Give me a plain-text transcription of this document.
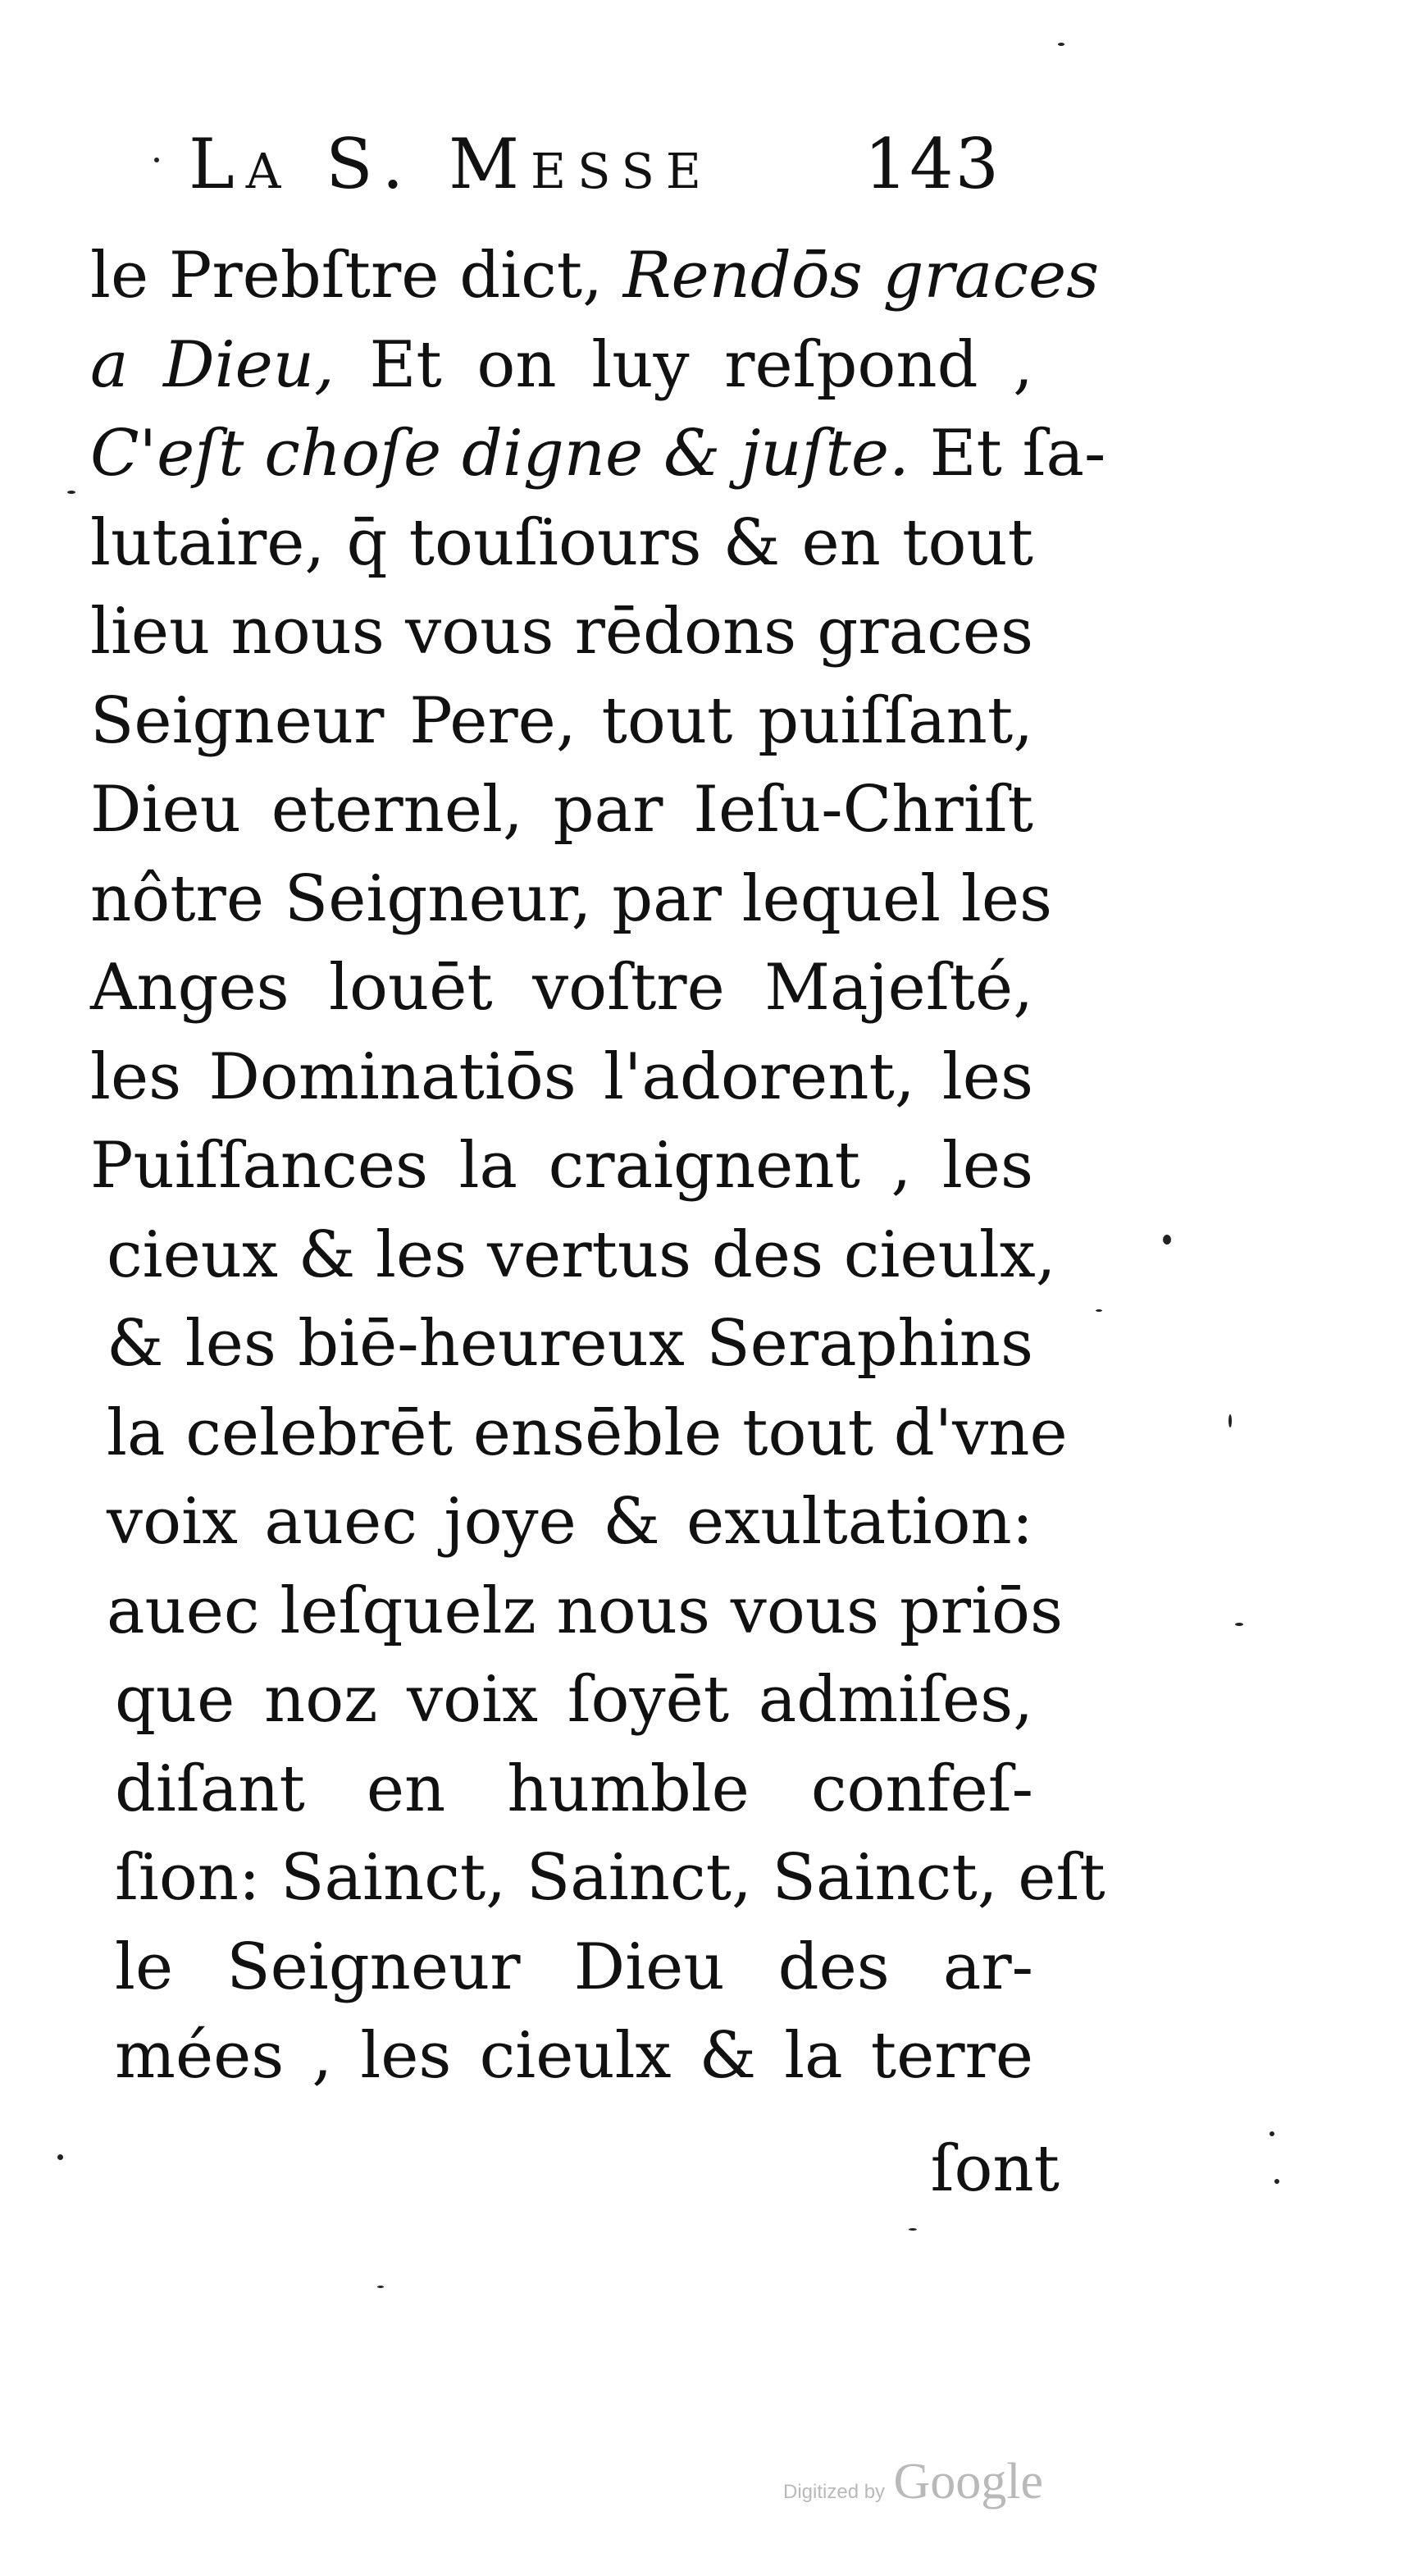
La S. Messe 143
le Prebſtre dict, Rendōs graces
a Dieu, Et on luy reſpond ,
C'eſt choſe digne & juſte. Et ſa-
lutaire, q̄ touſiours & en tout
lieu nous vous rēdons graces
Seigneur Pere, tout puiſſant,
Dieu eternel, par Ieſu-Chriſt
nôtre Seigneur, par lequel les
Anges louēt voſtre Majeſté,
les Dominatiōs l'adorent, les
Puiſſances la craignent , les
cieux & les vertus des cieulx,
& les biē-heureux Seraphins
la celebrēt ensēble tout d'vne
voix auec joye & exultation:
auec leſquelz nous vous priōs
que noz voix ſoyēt admiſes,
diſant en humble confeſ-
ſion: Sainct, Sainct, Sainct, eſt
le Seigneur Dieu des ar-
mées , les cieulx & la terre
ſont
Digitized by Google
